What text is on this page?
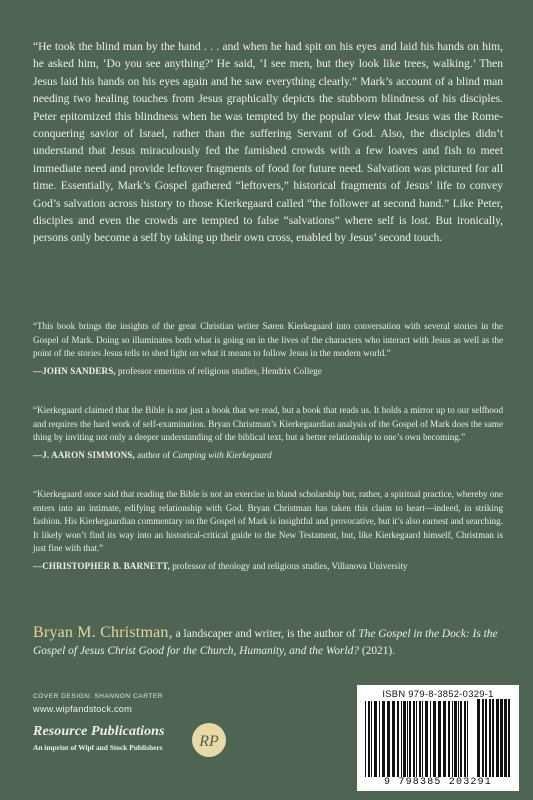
“He took the blind man by the hand . . . and when he had spit on his eyes and laid his hands on him, he asked him, ‘Do you see anything?’ He said, ‘I see men, but they look like trees, walking.’ Then Jesus laid his hands on his eyes again and he saw everything clearly.” Mark’s account of a blind man needing two healing touches from Jesus graphically depicts the stubborn blindness of his disciples. Peter epitomized this blindness when he was tempted by the popular view that Jesus was the Rome-conquering savior of Israel, rather than the suffering Servant of God. Also, the disciples didn’t understand that Jesus miraculously fed the famished crowds with a few loaves and fish to meet immediate need and provide leftover fragments of food for future need. Salvation was pictured for all time. Essentially, Mark’s Gospel gathered “leftovers,” historical fragments of Jesus’ life to convey God’s salvation across history to those Kierkegaard called “the follower at second hand.” Like Peter, disciples and even the crowds are tempted to false “salvations” where self is lost. But ironically, persons only become a self by taking up their own cross, enabled by Jesus’ second touch.

“This book brings the insights of the great Christian writer Søren Kierkegaard into conversation with several stories in the Gospel of Mark. Doing so illuminates both what is going on in the lives of the characters who interact with Jesus as well as the point of the stories Jesus tells to shed light on what it means to follow Jesus in the modern world.”

—JOHN SANDERS, professor emeritus of religious studies, Hendrix College

“Kierkegaard claimed that the Bible is not just a book that we read, but a book that reads us. It holds a mirror up to our selfhood and requires the hard work of self-examination. Bryan Christman’s Kierkegaardian analysis of the Gospel of Mark does the same thing by inviting not only a deeper understanding of the biblical text, but a better relationship to one’s own becoming.”

—J. AARON SIMMONS, author of Camping with Kierkegaard

“Kierkegaard once said that reading the Bible is not an exercise in bland scholarship but, rather, a spiritual practice, whereby one enters into an intimate, edifying relationship with God. Bryan Christman has taken this claim to heart—indeed, in striking fashion. His Kierkegaardian commentary on the Gospel of Mark is insightful and provocative, but it’s also earnest and searching. It likely won’t find its way into an historical-critical guide to the New Testament, but, like Kierkegaard himself, Christman is just fine with that.”

—CHRISTOPHER B. BARNETT, professor of theology and religious studies, Villanova University

Bryan M. Christman, a landscaper and writer, is the author of The Gospel in the Dock: Is the Gospel of Jesus Christ Good for the Church, Humanity, and the World? (2021).
COVER DESIGN: SHANNON CARTER
www.wipfandstock.com
Resource Publications
An imprint of Wipf and Stock Publishers RP
ISBN 979-8-3852-0329-1
9 798385 203291
